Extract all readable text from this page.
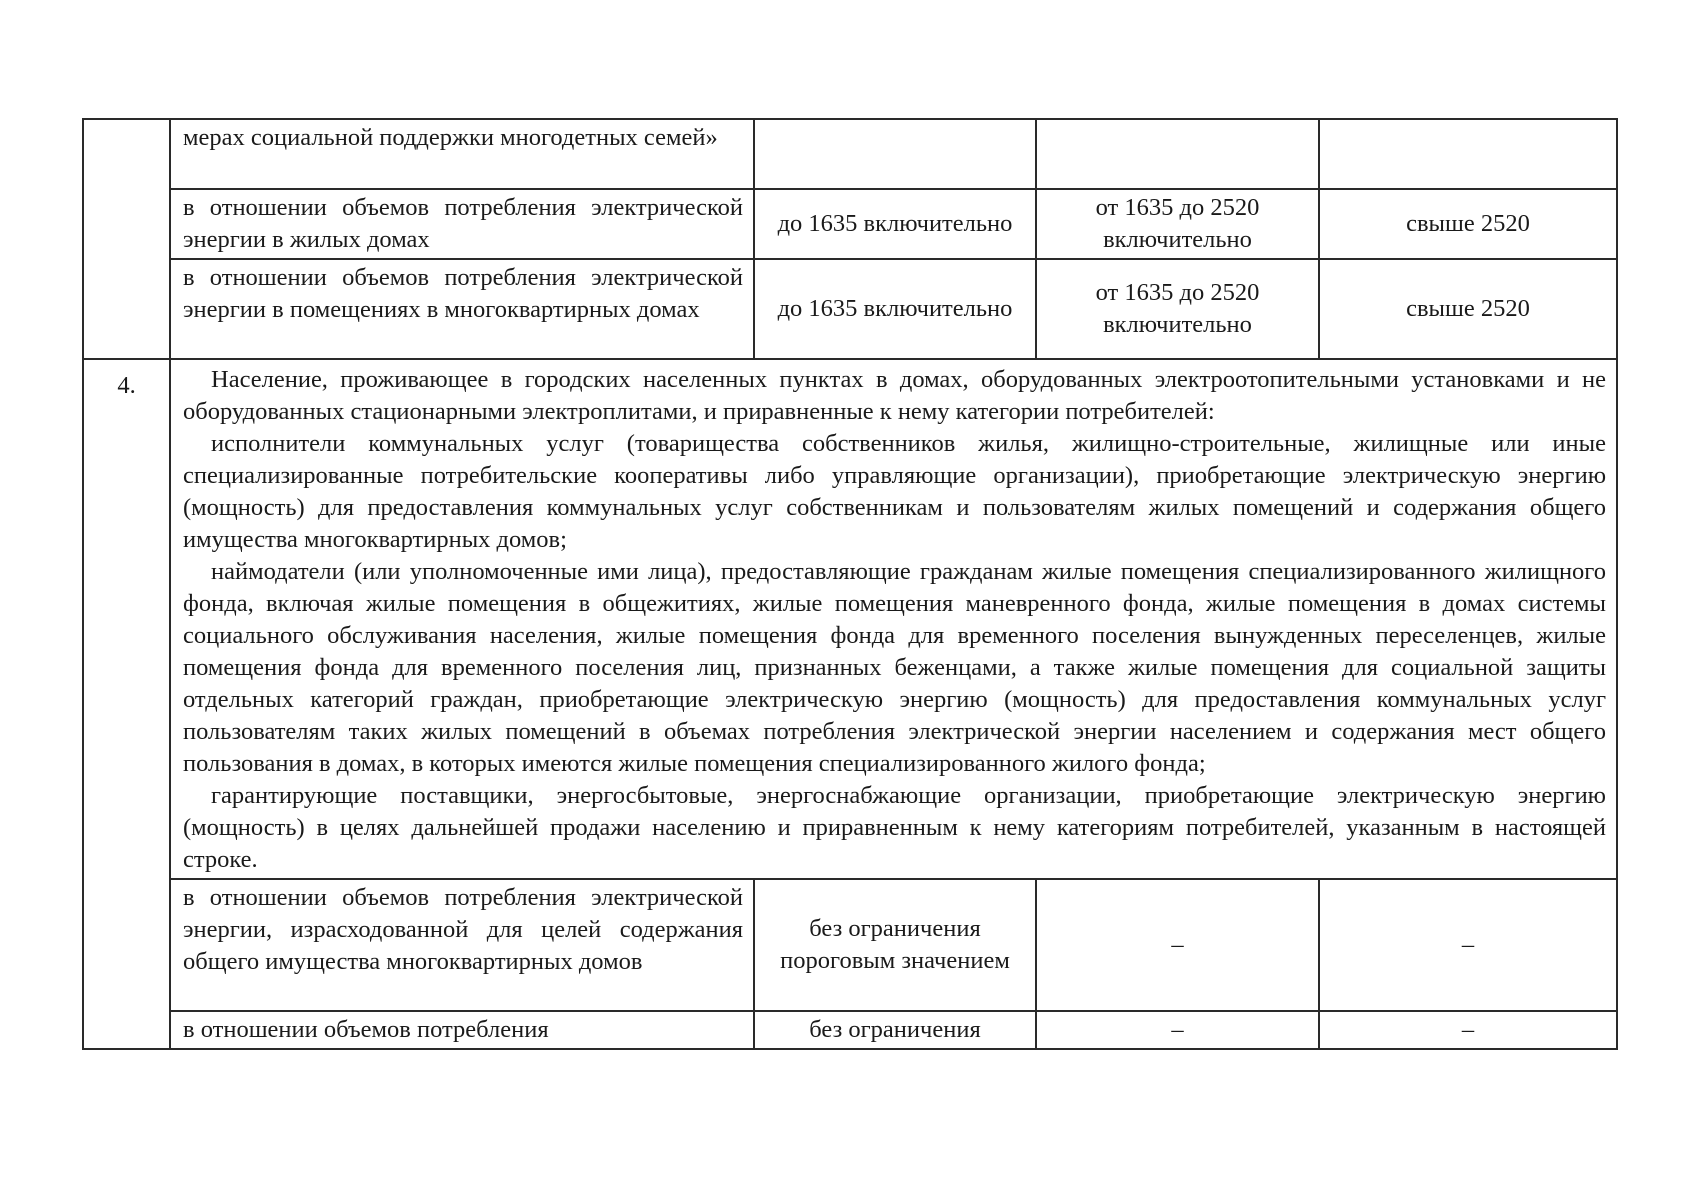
	мерах социальной поддержки многодетных семей»			
	в отношении объемов потребления электрической энергии в жилых домах	до 1635 включительно	от 1635 до 2520 включительно	свыше 2520
	в отношении объемов потребления электрической энергии в помещениях в многоквартирных домах	до 1635 включительно	от 1635 до 2520 включительно	свыше 2520
4.	Население, проживающее в городских населенных пунктах в домах, оборудованных электроотопительными установками и не оборудованных стационарными электроплитами, и приравненные к нему категории потребителей:

исполнители коммунальных услуг (товарищества собственников жилья, жилищно-строительные, жилищные или иные специализированные потребительские кооперативы либо управляющие организации), приобретающие электрическую энергию (мощность) для предоставления коммунальных услуг собственникам и пользователям жилых помещений и содержания общего имущества многоквартирных домов;

наймодатели (или уполномоченные ими лица), предоставляющие гражданам жилые помещения специализированного жилищного фонда, включая жилые помещения в общежитиях, жилые помещения маневренного фонда, жилые помещения в домах системы социального обслуживания населения, жилые помещения фонда для временного поселения вынужденных переселенцев, жилые помещения фонда для временного поселения лиц, признанных беженцами, а также жилые помещения для социальной защиты отдельных категорий граждан, приобретающие электрическую энергию (мощность) для предоставления коммунальных услуг пользователям таких жилых помещений в объемах потребления электрической энергии населением и содержания мест общего пользования в домах, в которых имеются жилые помещения специализированного жилого фонда;

гарантирующие поставщики, энергосбытовые, энергоснабжающие организации, приобретающие электрическую энергию (мощность) в целях дальнейшей продажи населению и приравненным к нему категориям потребителей, указанным в настоящей строке.			

	в отношении объемов потребления электрической энергии, израсходованной для целей содержания общего имущества многоквартирных домов	без ограничения пороговым значением	–	–

	в отношении объемов потребления	без ограничения	–	–
